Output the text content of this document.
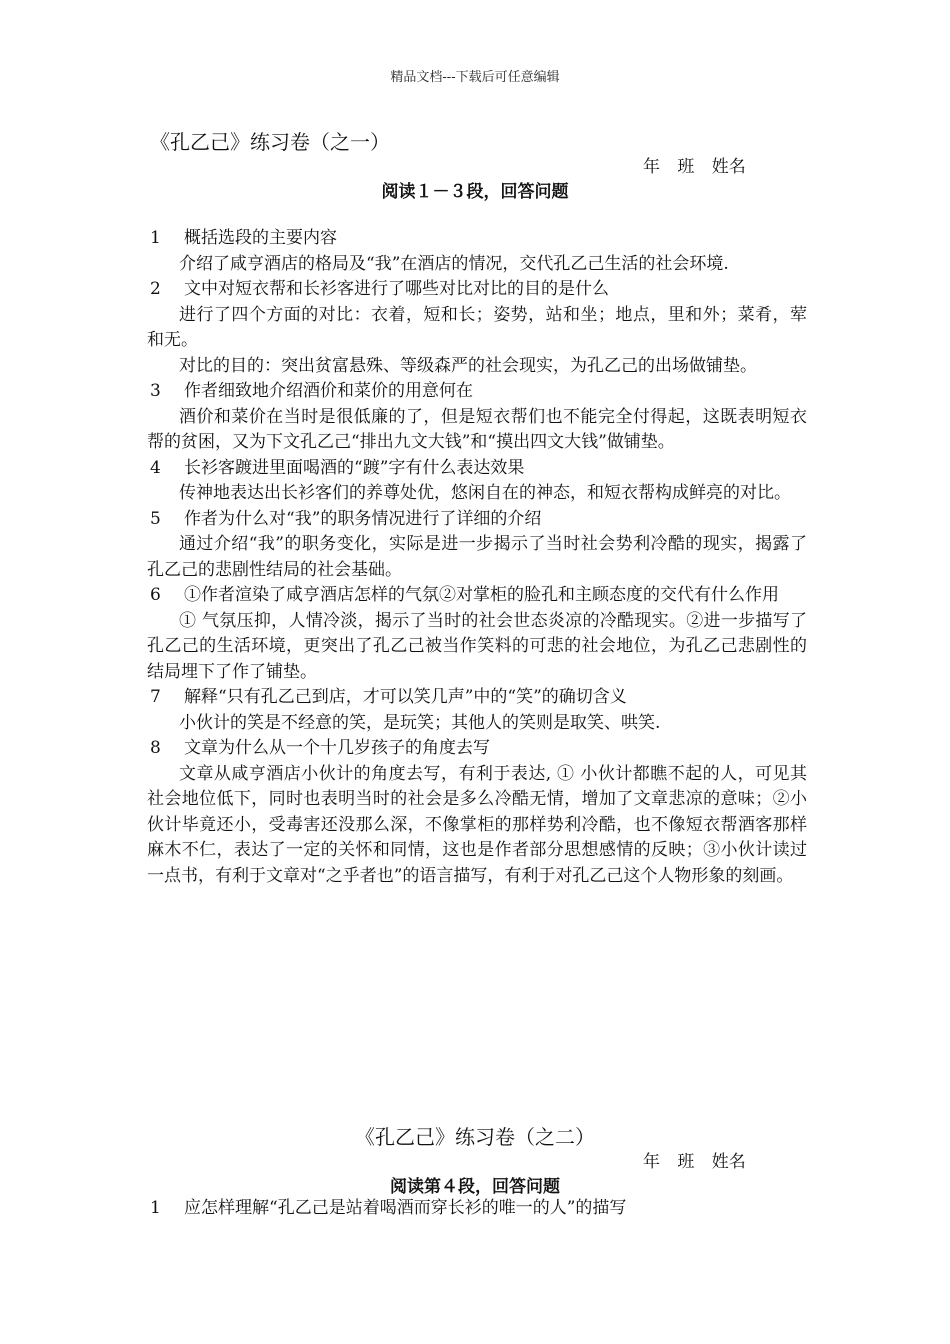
精品文档---下载后可任意编辑
《孔乙己》练习卷（之一）
年 班 姓名
阅读１－３段，回答问题
1 概括选段的主要内容
介绍了咸亨酒店的格局及“我”在酒店的情况，交代孔乙己生活的社会环境.
2 文中对短衣帮和长衫客进行了哪些对比对比的目的是什么
进行了四个方面的对比：衣着，短和长；姿势，站和坐；地点，里和外；菜肴，荤和无。
对比的目的：突出贫富悬殊、等级森严的社会现实，为孔乙己的出场做铺垫。
3 作者细致地介绍酒价和菜价的用意何在
酒价和菜价在当时是很低廉的了，但是短衣帮们也不能完全付得起，这既表明短衣帮的贫困，又为下文孔乙己“排出九文大钱”和“摸出四文大钱”做铺垫。
4 长衫客踱进里面喝酒的“踱”字有什么表达效果
传神地表达出长衫客们的养尊处优，悠闲自在的神态，和短衣帮构成鲜亮的对比。
5 作者为什么对“我”的职务情况进行了详细的介绍
通过介绍“我”的职务变化，实际是进一步揭示了当时社会势利冷酷的现实，揭露了孔乙己的悲剧性结局的社会基础。
6 ①作者渲染了咸亨酒店怎样的气氛②对掌柜的脸孔和主顾态度的交代有什么作用
① 气氛压抑，人情冷淡，揭示了当时的社会世态炎凉的冷酷现实。②进一步描写了孔乙己的生活环境，更突出了孔乙己被当作笑料的可悲的社会地位，为孔乙己悲剧性的结局埋下了作了铺垫。
7 解释“只有孔乙己到店，才可以笑几声”中的“笑”的确切含义
小伙计的笑是不经意的笑，是玩笑；其他人的笑则是取笑、哄笑.
8 文章为什么从一个十几岁孩子的角度去写
文章从咸亨酒店小伙计的角度去写，有利于表达, ① 小伙计都瞧不起的人，可见其社会地位低下，同时也表明当时的社会是多么冷酷无情，增加了文章悲凉的意味；②小伙计毕竟还小，受毒害还没那么深，不像掌柜的那样势利冷酷，也不像短衣帮酒客那样麻木不仁，表达了一定的关怀和同情，这也是作者部分思想感情的反映；③小伙计读过一点书，有利于文章对“之乎者也”的语言描写，有利于对孔乙己这个人物形象的刻画。
《孔乙己》练习卷（之二）
年 班 姓名
阅读第４段，回答问题
1 应怎样理解“孔乙己是站着喝酒而穿长衫的唯一的人”的描写
